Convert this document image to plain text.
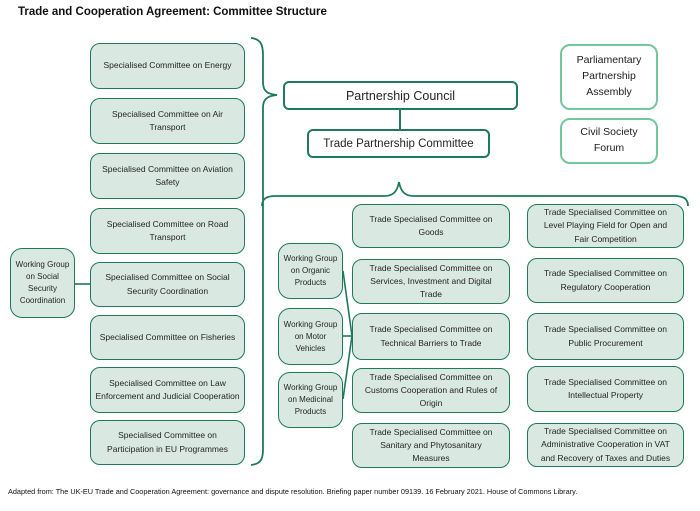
Trade and Cooperation Agreement: Committee Structure
Working Group on Social Security Coordination
Specialised Committee on Energy
Specialised Committee on Air Transport
Specialised Committee on Aviation Safety
Specialised Committee on Road Transport
Specialised Committee on Social Security Coordination
Specialised Committee on Fisheries
Specialised Committee on Law Enforcement and Judicial Cooperation
Specialised Committee on Participation in EU Programmes
Partnership Council
Trade Partnership Committee
Parliamentary Partnership Assembly
Civil Society Forum
Working Group on Organic Products
Working Group on Motor Vehicles
Working Group on Medicinal Products
Trade Specialised Committee on Goods
Trade Specialised Committee on Services, Investment and Digital Trade
Trade Specialised Committee on Technical Barriers to Trade
Trade Specialised Committee on Customs Cooperation and Rules of Origin
Trade Specialised Committee on Sanitary and Phytosanitary Measures
Trade Specialised Committee on Level Playing Field for Open and Fair Competition
Trade Specialised Committee on Regulatory Cooperation
Trade Specialised Committee on Public Procurement
Trade Specialised Committee on Intellectual Property
Trade Specialised Committee on Administrative Cooperation in VAT and Recovery of Taxes and Duties
Adapted from: The UK-EU Trade and Cooperation Agreement: governance and dispute resolution. Briefing paper number 09139. 16 February 2021. House of Commons Library.
